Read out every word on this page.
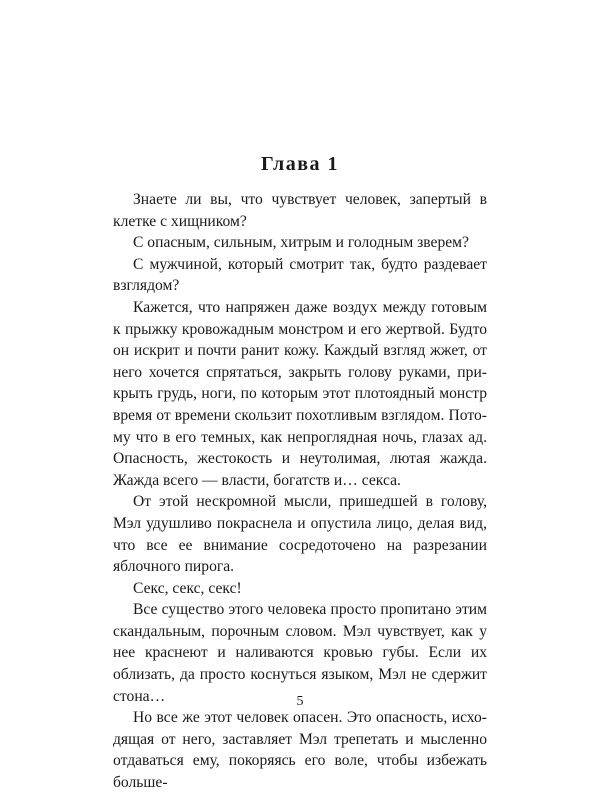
Глава 1

Знаете ли вы, что чувствует человек, запертый в клетке с хищником?

С опасным, сильным, хитрым и голодным зверем?

С мужчиной, который смотрит так, будто раздевает взглядом?

Кажется, что напряжен даже воздух между готовым к прыжку кровожадным монстром и его жертвой. Будто он искрит и почти ранит кожу. Каждый взгляд жжет, от него хочется спрятаться, закрыть голову руками, прикрыть грудь, ноги, по которым этот плотоядный монстр время от времени скользит похотливым взглядом. Потому что в его темных, как непроглядная ночь, глазах ад. Опасность, жестокость и неутолимая, лютая жажда. Жажда всего — власти, богатств и… секса.

От этой нескромной мысли, пришедшей в голову, Мэл удушливо покраснела и опустила лицо, делая вид, что все ее внимание сосредоточено на разрезании яблочного пирога.

Секс, секс, секс!

Все существо этого человека просто пропитано этим скандальным, порочным словом. Мэл чувствует, как у нее краснеют и наливаются кровью губы. Если их облизать, да просто коснуться языком, Мэл не сдержит стона…

Но все же этот человек опасен. Это опасность, исходящая от него, заставляет Мэл трепетать и мысленно отдаваться ему, покоряясь его воле, чтобы избежать больше-

5
